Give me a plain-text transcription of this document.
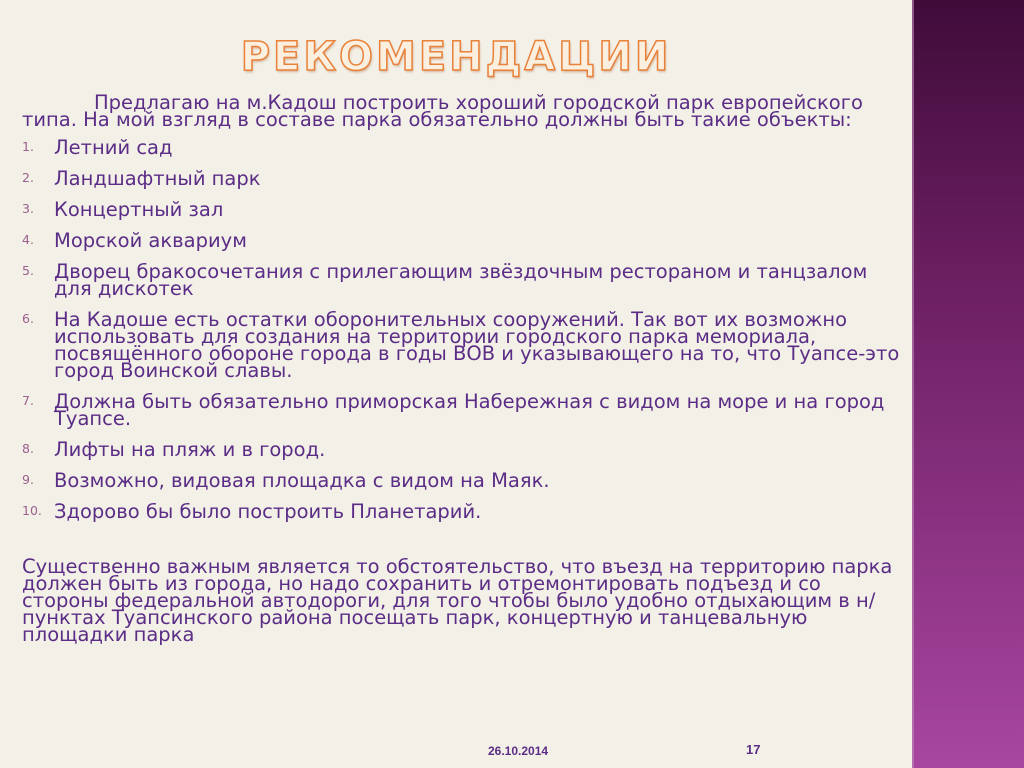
РЕКОМЕНДАЦИИ

Предлагаю на м.Кадош построить хороший городской парк европейского типа. На мой взгляд в составе парка обязательно должны быть такие объекты:

1.	Летний сад
2.	Ландшафтный парк
3.	Концертный зал
4.	Морской аквариум
5.	Дворец бракосочетания с прилегающим звёздочным рестораном и танцзалом для дискотек
6.	На Кадоше есть остатки оборонительных сооружений. Так вот их возможно использовать для создания на территории городского парка мемориала, посвящённого обороне города в годы ВОВ и указывающего на то, что Туапсе-это город Воинской славы.
7.	Должна быть обязательно приморская Набережная с видом на море и на город Туапсе.
8.	Лифты на пляж и в город.
9.	Возможно, видовая площадка с видом на Маяк.
10. Здорово бы было построить Планетарий.

Существенно важным является то обстоятельство, что въезд на территорию парка должен быть из города, но надо сохранить и отремонтировать подъезд и со стороны федеральной автодороги, для того чтобы было удобно отдыхающим в н/пунктах Туапсинского района посещать парк, концертную и танцевальную площадки парка

26.10.2014	17
